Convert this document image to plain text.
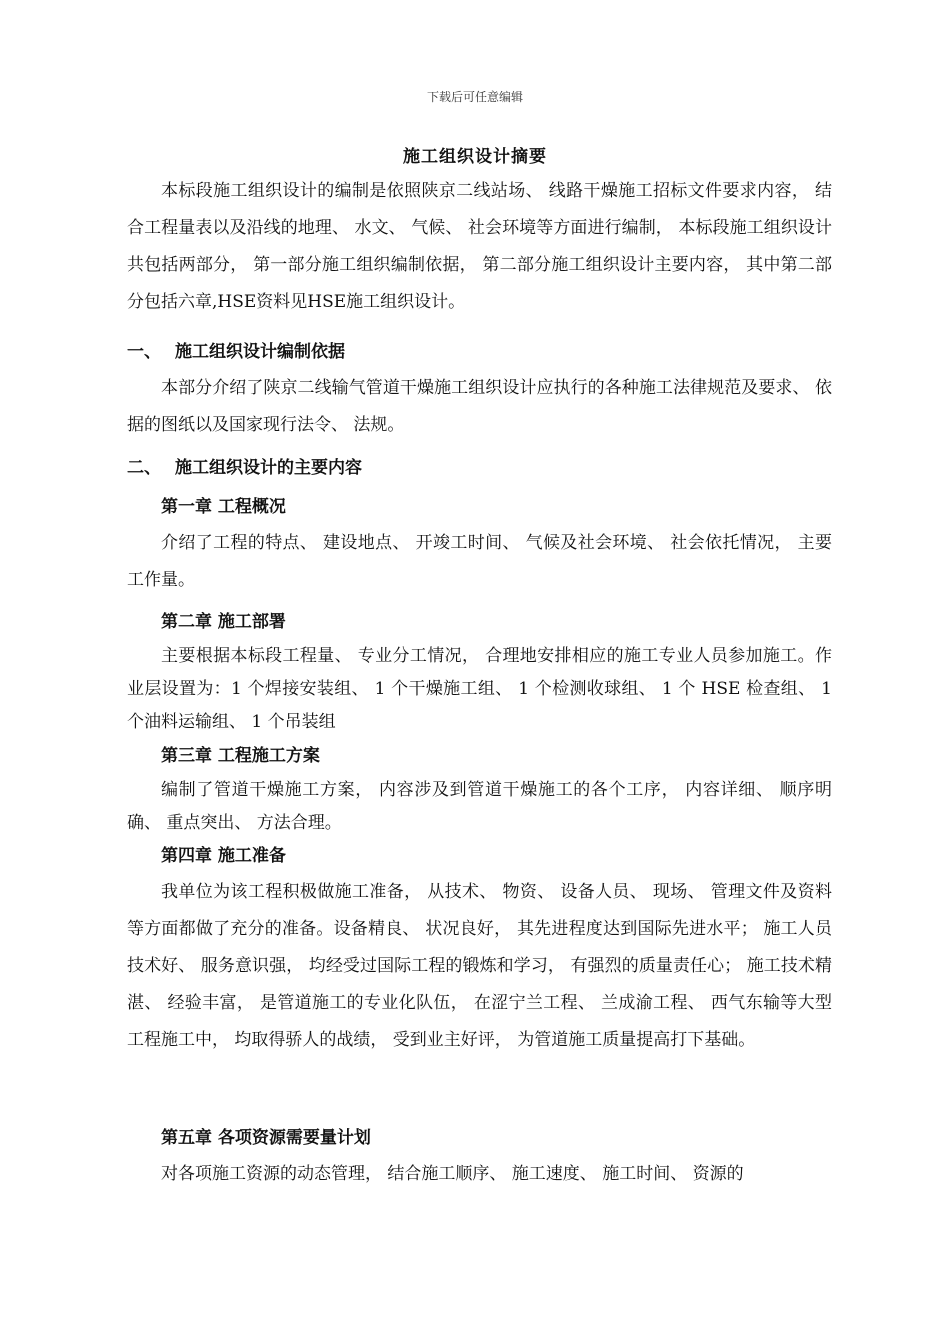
下载后可任意编辑
施工组织设计摘要

本标段施工组织设计的编制是依照陕京二线站场、 线路干燥施工招标文件要求内容， 结合工程量表以及沿线的地理、 水文、 气候、 社会环境等方面进行编制， 本标段施工组织设计共包括两部分， 第一部分施工组织编制依据， 第二部分施工组织设计主要内容， 其中第二部分包括六章,HSE资料见HSE施工组织设计。

一、 施工组织设计编制依据

本部分介绍了陕京二线输气管道干燥施工组织设计应执行的各种施工法律规范及要求、 依据的图纸以及国家现行法令、 法规。

二、 施工组织设计的主要内容

第一章 工程概况

介绍了工程的特点、 建设地点、 开竣工时间、 气候及社会环境、 社会依托情况， 主要工作量。

第二章 施工部署

主要根据本标段工程量、 专业分工情况， 合理地安排相应的施工专业人员参加施工。作业层设置为：1 个焊接安装组、 1 个干燥施工组、 1 个检测收球组、 1 个 HSE 检查组、 1 个油料运输组、 1 个吊装组

第三章 工程施工方案

编制了管道干燥施工方案， 内容涉及到管道干燥施工的各个工序， 内容详细、 顺序明确、 重点突出、 方法合理。

第四章 施工准备

我单位为该工程积极做施工准备， 从技术、 物资、 设备人员、 现场、 管理文件及资料等方面都做了充分的准备。设备精良、 状况良好， 其先进程度达到国际先进水平； 施工人员技术好、 服务意识强， 均经受过国际工程的锻炼和学习， 有强烈的质量责任心； 施工技术精湛、 经验丰富， 是管道施工的专业化队伍， 在涩宁兰工程、 兰成渝工程、 西气东输等大型工程施工中， 均取得骄人的战绩， 受到业主好评， 为管道施工质量提高打下基础。

第五章 各项资源需要量计划

对各项施工资源的动态管理， 结合施工顺序、 施工速度、 施工时间、 资源的
